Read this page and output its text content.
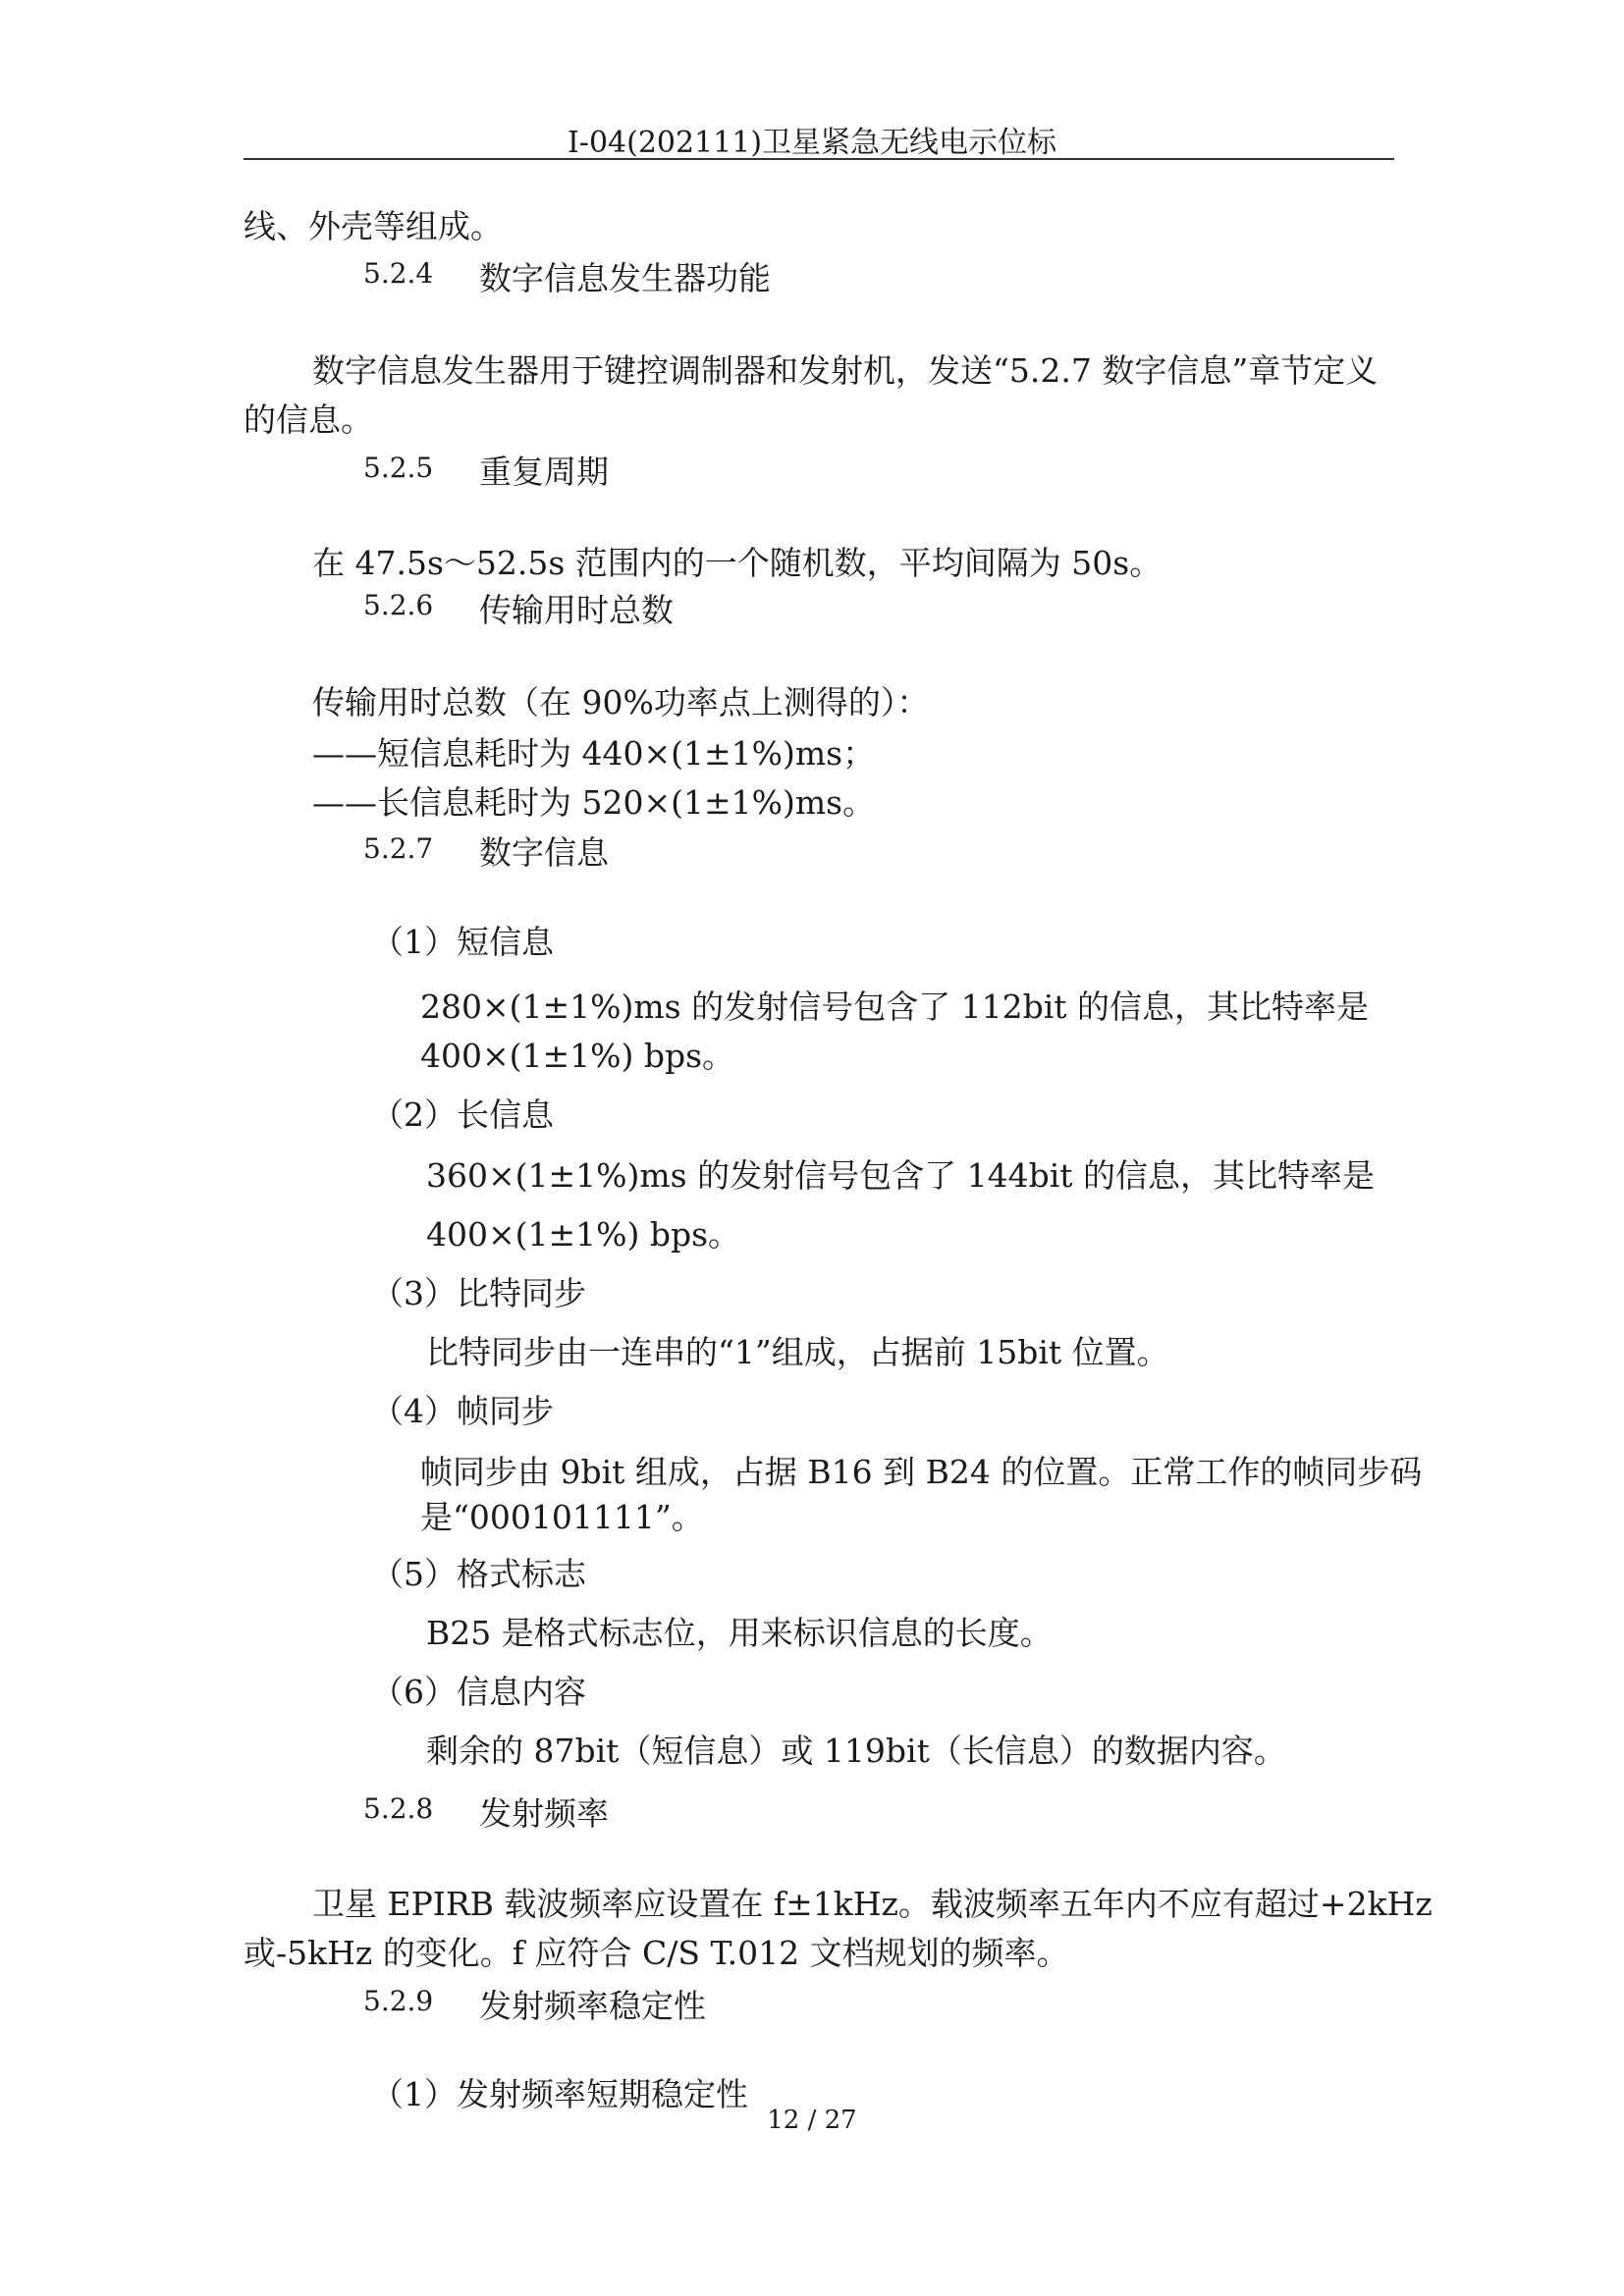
I-04(202111)卫星紧急无线电示位标
线、外壳等组成。
5.2.4 数字信息发生器功能
数字信息发生器用于键控调制器和发射机，发送“5.2.7 数字信息”章节定义
的信息。
5.2.5 重复周期
在 47.5s～52.5s 范围内的一个随机数，平均间隔为 50s。
5.2.6 传输用时总数
传输用时总数（在 90%功率点上测得的）：
——短信息耗时为 440×(1±1%)ms；
——长信息耗时为 520×(1±1%)ms。
5.2.7 数字信息
（1）短信息
280×(1±1%)ms 的发射信号包含了 112bit 的信息，其比特率是
400×(1±1%) bps。
（2）长信息
360×(1±1%)ms 的发射信号包含了 144bit 的信息，其比特率是
400×(1±1%) bps。
（3）比特同步
比特同步由一连串的“1”组成，占据前 15bit 位置。
（4）帧同步
帧同步由 9bit 组成，占据 B16 到 B24 的位置。正常工作的帧同步码
是“000101111”。
（5）格式标志
B25 是格式标志位，用来标识信息的长度。
（6）信息内容
剩余的 87bit（短信息）或 119bit（长信息）的数据内容。
5.2.8 发射频率
卫星 EPIRB 载波频率应设置在 f±1kHz。载波频率五年内不应有超过+2kHz
或-5kHz 的变化。f 应符合 C/S T.012 文档规划的频率。
5.2.9 发射频率稳定性
（1）发射频率短期稳定性
12 / 27
